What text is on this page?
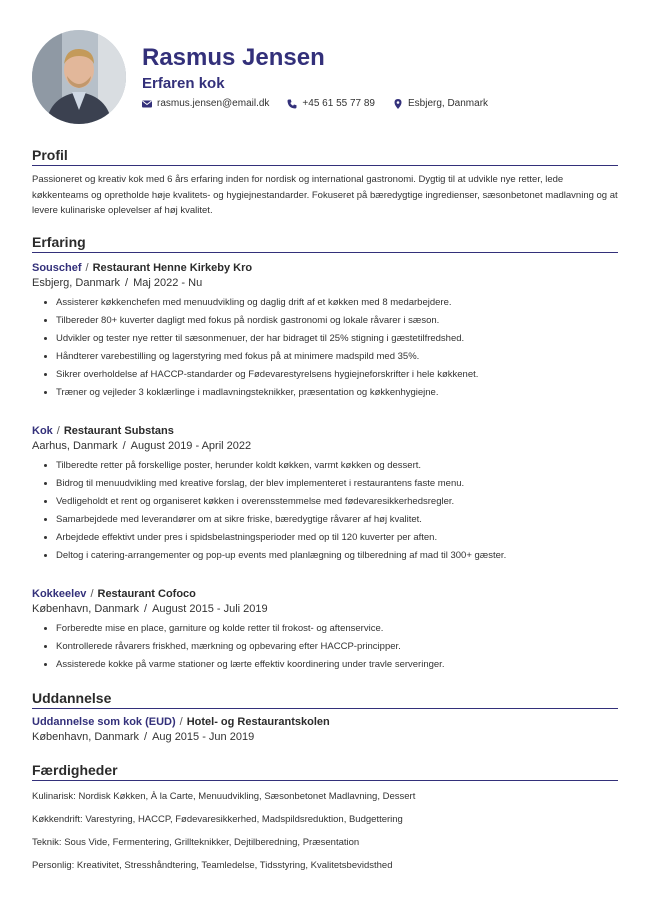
Rasmus Jensen
Erfaren kok
rasmus.jensen@email.dk	+45 61 55 77 89	Esbjerg, Danmark
Profil
Passioneret og kreativ kok med 6 års erfaring inden for nordisk og international gastronomi. Dygtig til at udvikle nye retter, lede køkkenteams og opretholde høje kvalitets- og hygiejnestandarder. Fokuseret på bæredygtige ingredienser, sæsonbetonet madlavning og at levere kulinariske oplevelser af høj kvalitet.
Erfaring
Souschef / Restaurant Henne Kirkeby Kro
Esbjerg, Danmark / Maj 2022 - Nu
• Assisterer køkkenchefen med menuudvikling og daglig drift af et køkken med 8 medarbejdere.
• Tilbereder 80+ kuverter dagligt med fokus på nordisk gastronomi og lokale råvarer i sæson.
• Udvikler og tester nye retter til sæsonmenuer, der har bidraget til 25% stigning i gæstetilfredshed.
• Håndterer varebestilling og lagerstyring med fokus på at minimere madspild med 35%.
• Sikrer overholdelse af HACCP-standarder og Fødevarestyrelsens hygiejneforskrifter i hele køkkenet.
• Træner og vejleder 3 koklærlinge i madlavningsteknikker, præsentation og køkkenhygiejne.
Kok / Restaurant Substans
Aarhus, Danmark / August 2019 - April 2022
• Tilberedte retter på forskellige poster, herunder koldt køkken, varmt køkken og dessert.
• Bidrog til menuudvikling med kreative forslag, der blev implementeret i restaurantens faste menu.
• Vedligeholdt et rent og organiseret køkken i overensstemmelse med fødevaresikkerhedsregler.
• Samarbejdede med leverandører om at sikre friske, bæredygtige råvarer af høj kvalitet.
• Arbejdede effektivt under pres i spidsbelastningsperioder med op til 120 kuverter per aften.
• Deltog i catering-arrangementer og pop-up events med planlægning og tilberedning af mad til 300+ gæster.
Kokkeelev / Restaurant Cofoco
København, Danmark / August 2015 - Juli 2019
• Forberedte mise en place, garniture og kolde retter til frokost- og aftenservice.
• Kontrollerede råvarers friskhed, mærkning og opbevaring efter HACCP-principper.
• Assisterede kokke på varme stationer og lærte effektiv koordinering under travle serveringer.
Uddannelse
Uddannelse som kok (EUD) / Hotel- og Restaurantskolen
København, Danmark / Aug 2015 - Jun 2019
Færdigheder
Kulinarisk: Nordisk Køkken, À la Carte, Menuudvikling, Sæsonbetonet Madlavning, Dessert
Køkkendrift: Varestyring, HACCP, Fødevaresikkerhed, Madspildsreduktion, Budgettering
Teknik: Sous Vide, Fermentering, Grillteknikker, Dejtilberedning, Præsentation
Personlig: Kreativitet, Stresshåndtering, Teamledelse, Tidsstyring, Kvalitetsbevidsthed
